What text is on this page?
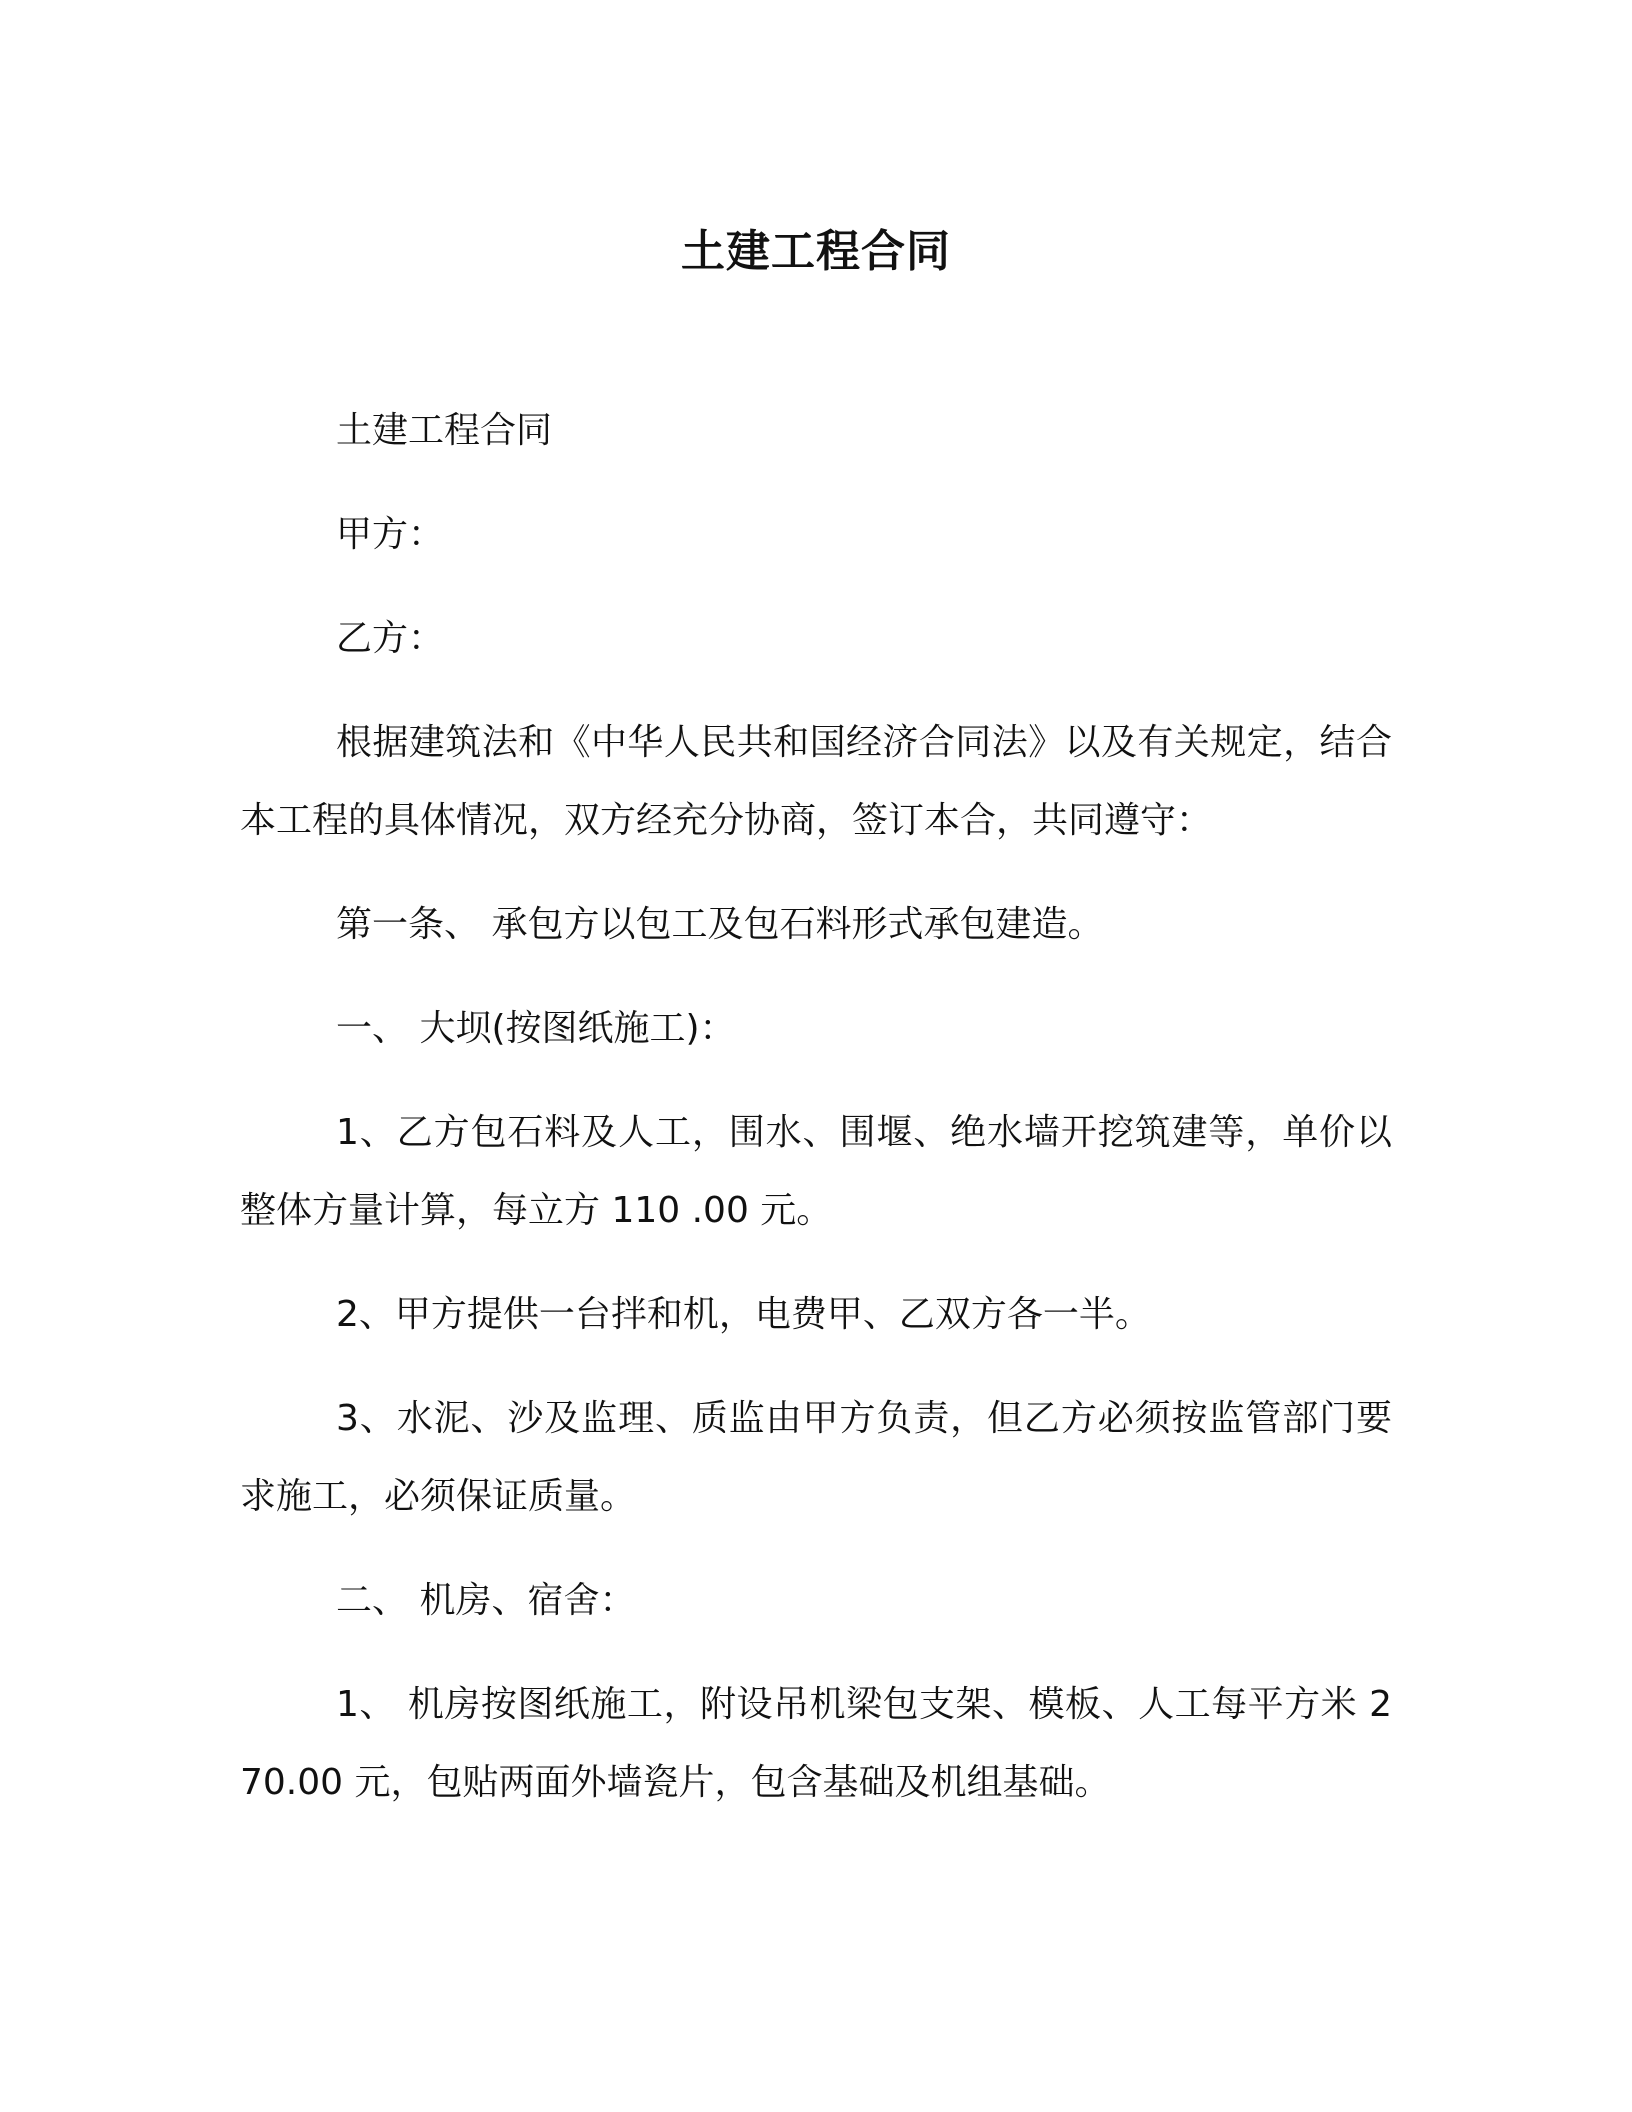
土建工程合同

土建工程合同

甲方：

乙方：

根据建筑法和《中华人民共和国经济合同法》以及有关规定，结合本工程的具体情况，双方经充分协商，签订本合，共同遵守：

第一条、 承包方以包工及包石料形式承包建造。

一、 大坝(按图纸施工)：

1、乙方包石料及人工，围水、围堰、绝水墙开挖筑建等，单价以整体方量计算，每立方 110 .00 元。

2、甲方提供一台拌和机，电费甲、乙双方各一半。

3、水泥、沙及监理、质监由甲方负责，但乙方必须按监管部门要求施工，必须保证质量。

二、 机房、宿舍：

1、 机房按图纸施工，附设吊机梁包支架、模板、人工每平方米 270.00 元，包贴两面外墙瓷片，包含基础及机组基础。
